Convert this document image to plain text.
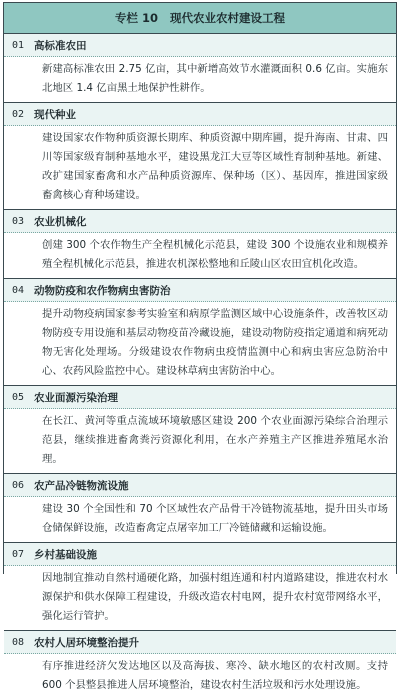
专栏 10 现代农业农村建设工程
01 高标准农田
新建高标准农田 2.75 亿亩，其中新增高效节水灌溉面积 0.6 亿亩。实施东北地区 1.4 亿亩黑土地保护性耕作。
02 现代种业
建设国家农作物种质资源长期库、种质资源中期库圃，提升海南、甘肃、四川等国家级育制种基地水平，建设黑龙江大豆等区域性育制种基地。新建、改扩建国家畜禽和水产品种质资源库、保种场（区）、基因库，推进国家级畜禽核心育种场建设。
03 农业机械化
创建 300 个农作物生产全程机械化示范县，建设 300 个设施农业和规模养殖全程机械化示范县，推进农机深松整地和丘陵山区农田宜机化改造。
04 动物防疫和农作物病虫害防治
提升动物疫病国家参考实验室和病原学监测区域中心设施条件，改善牧区动物防疫专用设施和基层动物疫苗冷藏设施，建设动物防疫指定通道和病死动物无害化处理场。分级建设农作物病虫疫情监测中心和病虫害应急防治中心、农药风险监控中心。建设林草病虫害防治中心。
05 农业面源污染治理
在长江、黄河等重点流域环境敏感区建设 200 个农业面源污染综合治理示范县，继续推进畜禽粪污资源化利用，在水产养殖主产区推进养殖尾水治理。
06 农产品冷链物流设施
建设 30 个全国性和 70 个区域性农产品骨干冷链物流基地，提升田头市场仓储保鲜设施，改造畜禽定点屠宰加工厂冷链储藏和运输设施。
07 乡村基础设施
因地制宜推动自然村通硬化路，加强村组连通和村内道路建设，推进农村水源保护和供水保障工程建设，升级改造农村电网，提升农村宽带网络水平，强化运行管护。
08 农村人居环境整治提升
有序推进经济欠发达地区以及高海拔、寒冷、缺水地区的农村改厕。支持 600 个县整县推进人居环境整治，建设农村生活垃圾和污水处理设施。
